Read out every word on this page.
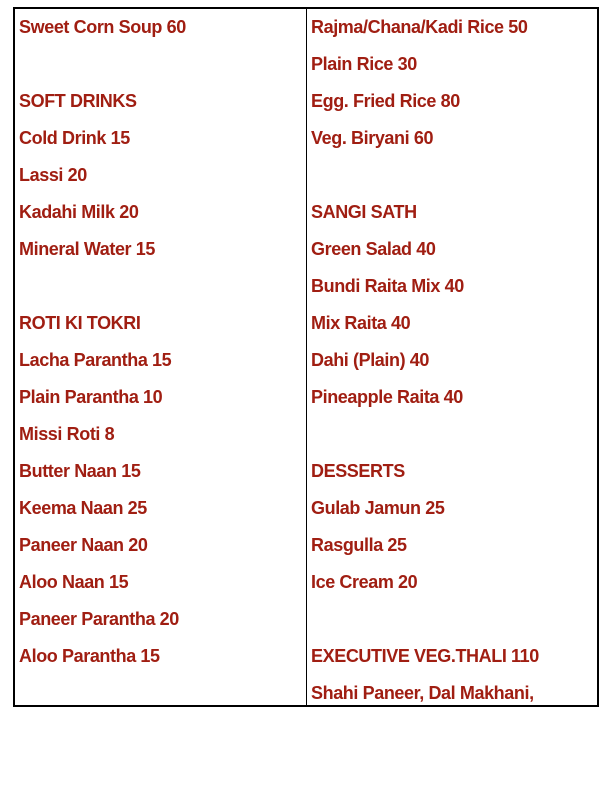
Sweet Corn Soup 60
SOFT DRINKS
Cold Drink 15
Lassi 20
Kadahi Milk 20
Mineral Water 15
ROTI KI TOKRI
Lacha Parantha 15
Plain Parantha 10
Missi Roti 8
Butter Naan 15
Keema Naan 25
Paneer Naan 20
Aloo Naan 15
Paneer Parantha 20
Aloo Parantha 15
Rajma/Chana/Kadi Rice 50
Plain Rice 30
Egg. Fried Rice 80
Veg. Biryani 60
SANGI SATH
Green Salad 40
Bundi Raita Mix 40
Mix Raita 40
Dahi (Plain) 40
Pineapple Raita 40
DESSERTS
Gulab Jamun 25
Rasgulla 25
Ice Cream 20
EXECUTIVE VEG.THALI 110
Shahi Paneer, Dal Makhani,
